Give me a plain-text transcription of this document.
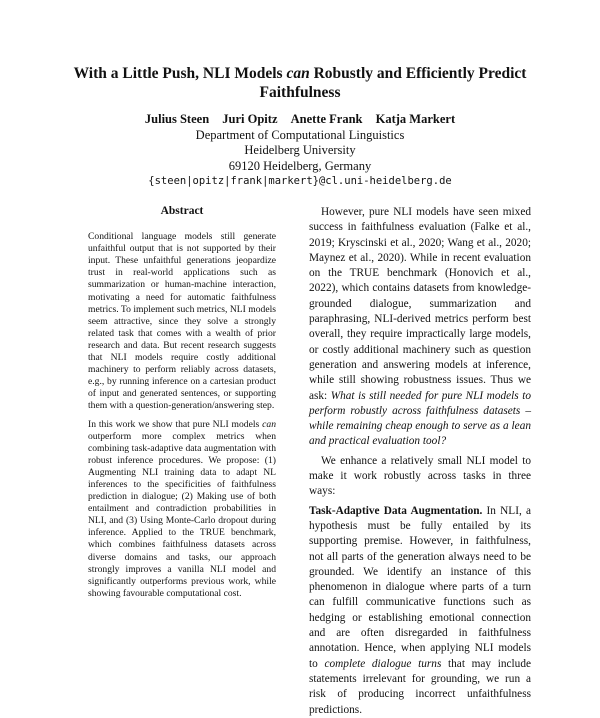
With a Little Push, NLI Models can Robustly and Efficiently Predict Faithfulness
Julius Steen Juri Opitz Anette Frank Katja Markert
Department of Computational Linguistics
Heidelberg University
69120 Heidelberg, Germany
{steen|opitz|frank|markert}@cl.uni-heidelberg.de
Abstract

Conditional language models still generate unfaithful output that is not supported by their input. These unfaithful generations jeopardize trust in real-world applications such as summarization or human-machine interaction, motivating a need for automatic faithfulness metrics. To implement such metrics, NLI models seem attractive, since they solve a strongly related task that comes with a wealth of prior research and data. But recent research suggests that NLI models require costly additional machinery to perform reliably across datasets, e.g., by running inference on a cartesian product of input and generated sentences, or supporting them with a question-generation/answering step.

In this work we show that pure NLI models can outperform more complex metrics when combining task-adaptive data augmentation with robust inference procedures. We propose: (1) Augmenting NLI training data to adapt NL inferences to the specificities of faithfulness prediction in dialogue; (2) Making use of both entailment and contradiction probabilities in NLI, and (3) Using Monte-Carlo dropout during inference. Applied to the TRUE benchmark, which combines faithfulness datasets across diverse domains and tasks, our approach strongly improves a vanilla NLI model and significantly outperforms previous work, while showing favourable computational cost.

However, pure NLI models have seen mixed success in faithfulness evaluation (Falke et al., 2019; Kryscinski et al., 2020; Wang et al., 2020; Maynez et al., 2020). While in recent evaluation on the TRUE benchmark (Honovich et al., 2022), which contains datasets from knowledge-grounded dialogue, summarization and paraphrasing, NLI-derived metrics perform best overall, they require impractically large models, or costly additional machinery such as question generation and answering models at inference, while still showing robustness issues. Thus we ask: What is still needed for pure NLI models to perform robustly across faithfulness datasets – while remaining cheap enough to serve as a lean and practical evaluation tool?

We enhance a relatively small NLI model to make it work robustly across tasks in three ways:

Task-Adaptive Data Augmentation. In NLI, a hypothesis must be fully entailed by its supporting premise. However, in faithfulness, not all parts of the generation always need to be grounded. We identify an instance of this phenomenon in dialogue where parts of a turn can fulfill communicative functions such as hedging or establishing emotional connection and are often disregarded in faithfulness annotation. Hence, when applying NLI models to complete dialogue turns that may include statements irrelevant for grounding, we run a risk of producing incorrect unfaithfulness predictions.
